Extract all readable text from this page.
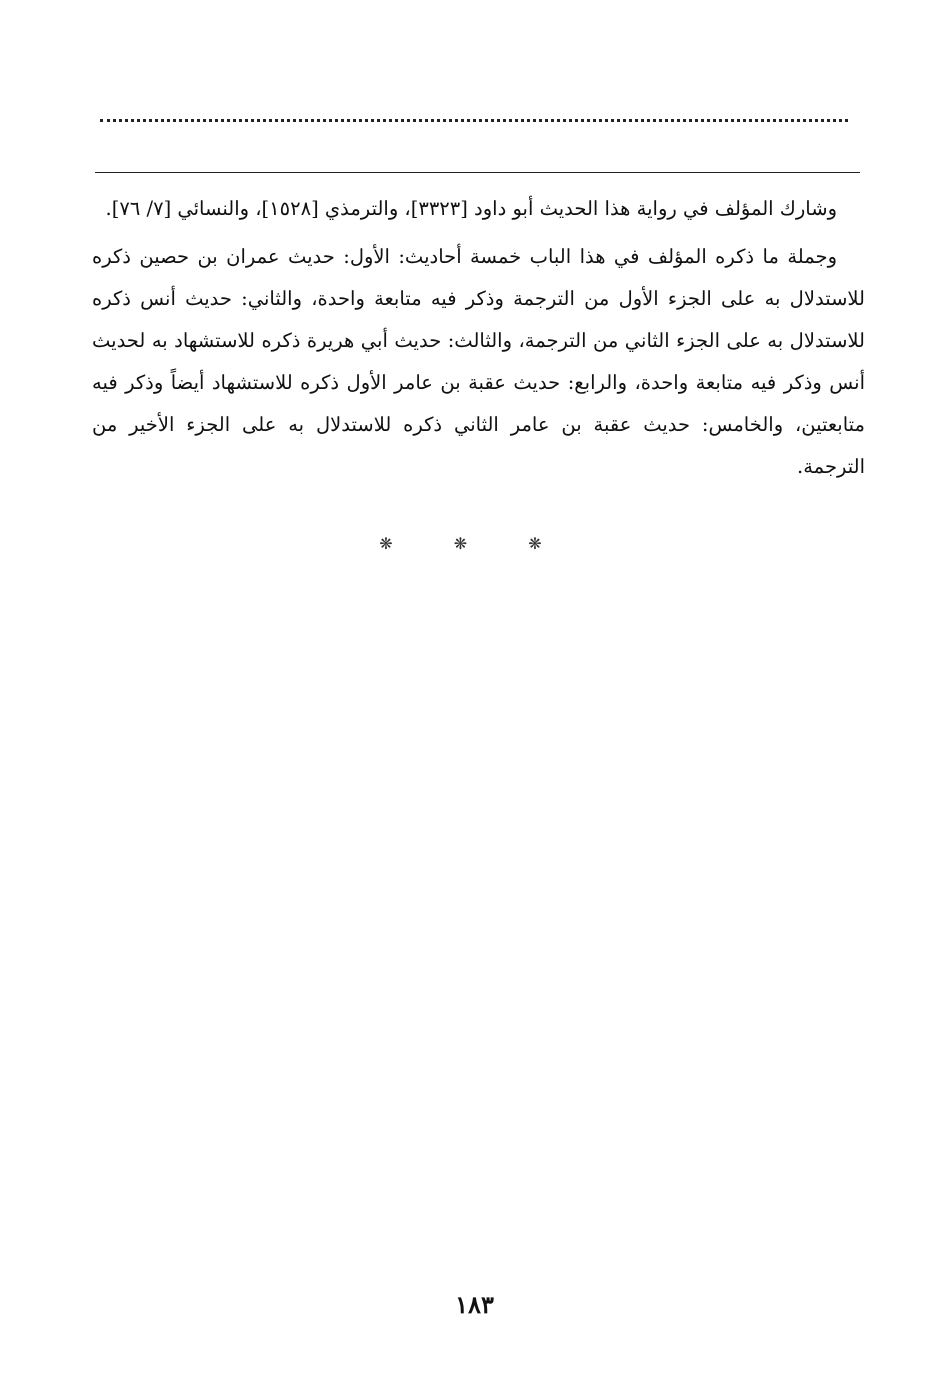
وشارك المؤلف في رواية هذا الحديث أبو داود [٣٣٢٣]، والترمذي [١٥٢٨]، والنسائي [٧/ ٧٦].

وجملة ما ذكره المؤلف في هذا الباب خمسة أحاديث: الأول: حديث عمران بن حصين ذكره للاستدلال به على الجزء الأول من الترجمة وذكر فيه متابعة واحدة، والثاني: حديث أنس ذكره للاستدلال به على الجزء الثاني من الترجمة، والثالث: حديث أبي هريرة ذكره للاستشهاد به لحديث أنس وذكر فيه متابعة واحدة، والرابع: حديث عقبة بن عامر الأول ذكره للاستشهاد أيضاً وذكر فيه متابعتين، والخامس: حديث عقبة بن عامر الثاني ذكره للاستدلال به على الجزء الأخير من الترجمة.

❋ ❋ ❋
١٨٣
